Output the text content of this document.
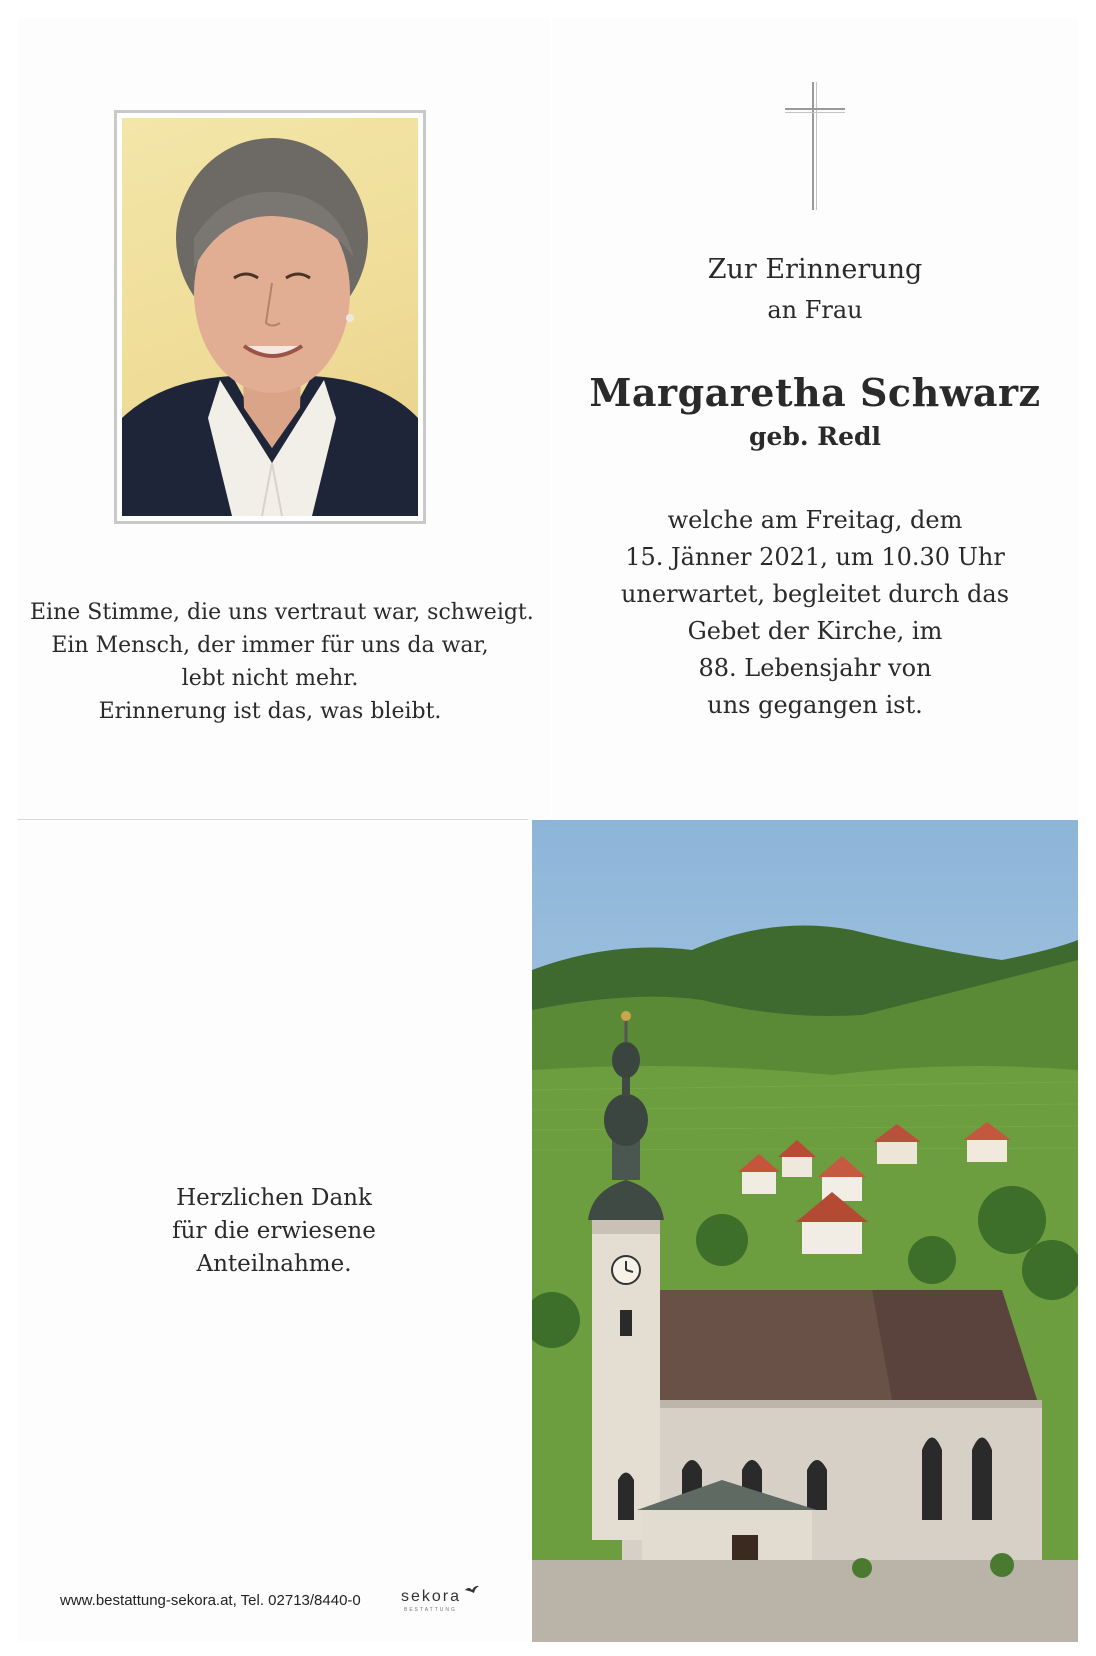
Eine Stimme, die uns vertraut war, schweigt.
Ein Mensch, der immer für uns da war,
lebt nicht mehr.
Erinnerung ist das, was bleibt.
Zur Erinnerung
an Frau
Margaretha Schwarz
geb. Redl
welche am Freitag, dem
15. Jänner 2021, um 10.30 Uhr
unerwartet, begleitet durch das
Gebet der Kirche, im
88. Lebensjahr von
uns gegangen ist.
Herzlichen Dank
für die erwiesene
Anteilnahme.
www.bestattung-sekora.at, Tel. 02713/8440-0	sekora
BESTATTUNG
